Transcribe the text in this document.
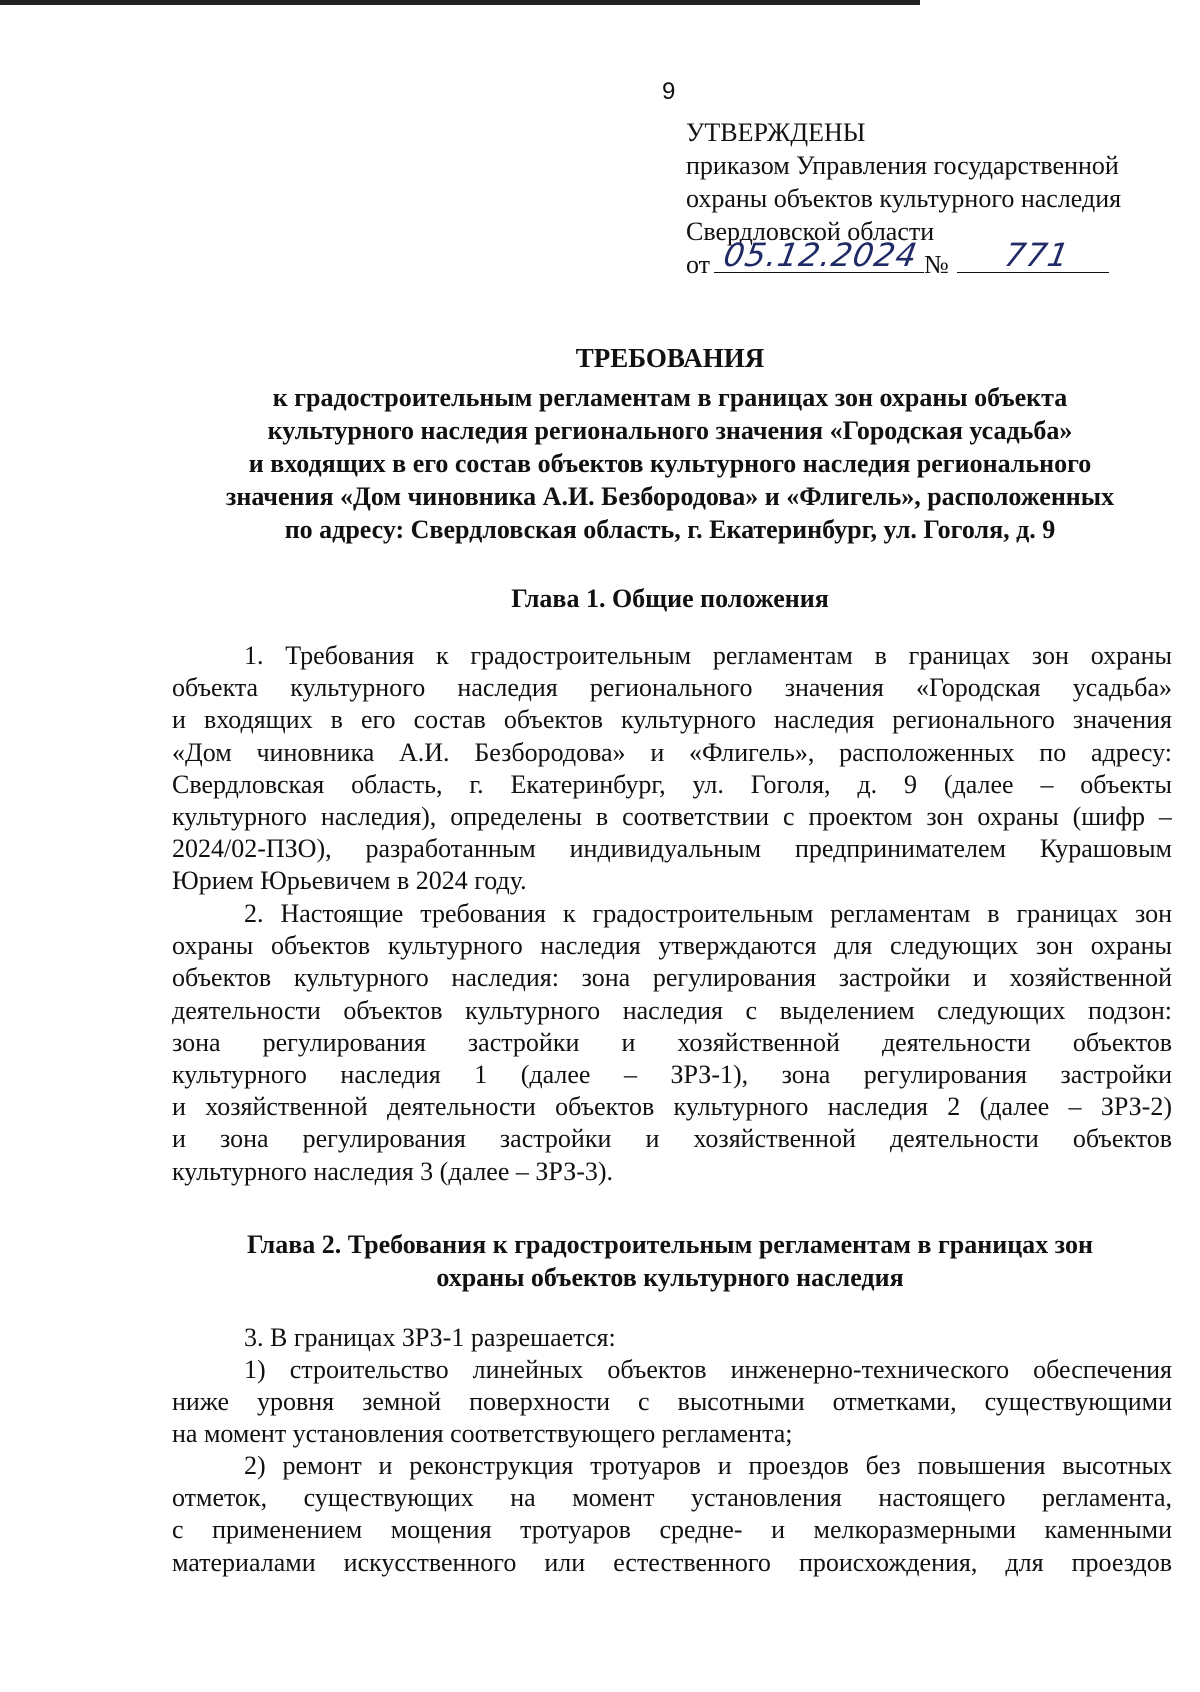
9
УТВЕРЖДЕНЫ
приказом Управления государственной
охраны объектов культурного наследия
Свердловской области
от 05.12.2024 № 771
ТРЕБОВАНИЯ
к градостроительным регламентам в границах зон охраны объекта
культурного наследия регионального значения «Городская усадьба»
и входящих в его состав объектов культурного наследия регионального
значения «Дом чиновника А.И. Безбородова» и «Флигель», расположенных
по адресу: Свердловская область, г. Екатеринбург, ул. Гоголя, д. 9
Глава 1. Общие положения
1. Требования к градостроительным регламентам в границах зон охраны
объекта культурного наследия регионального значения «Городская усадьба»
и входящих в его состав объектов культурного наследия регионального значения
«Дом чиновника А.И. Безбородова» и «Флигель», расположенных по адресу:
Свердловская область, г. Екатеринбург, ул. Гоголя, д. 9 (далее – объекты
культурного наследия), определены в соответствии с проектом зон охраны (шифр –
2024/02-ПЗО), разработанным индивидуальным предпринимателем Курашовым
Юрием Юрьевичем в 2024 году.
2. Настоящие требования к градостроительным регламентам в границах зон
охраны объектов культурного наследия утверждаются для следующих зон охраны
объектов культурного наследия: зона регулирования застройки и хозяйственной
деятельности объектов культурного наследия с выделением следующих подзон:
зона регулирования застройки и хозяйственной деятельности объектов
культурного наследия 1 (далее – ЗРЗ-1), зона регулирования застройки
и хозяйственной деятельности объектов культурного наследия 2 (далее – ЗРЗ-2)
и зона регулирования застройки и хозяйственной деятельности объектов
культурного наследия 3 (далее – ЗРЗ-3).
Глава 2. Требования к градостроительным регламентам в границах зон
охраны объектов культурного наследия
3. В границах ЗРЗ-1 разрешается:
1) строительство линейных объектов инженерно-технического обеспечения
ниже уровня земной поверхности с высотными отметками, существующими
на момент установления соответствующего регламента;
2) ремонт и реконструкция тротуаров и проездов без повышения высотных
отметок, существующих на момент установления настоящего регламента,
с применением мощения тротуаров средне- и мелкоразмерными каменными
материалами искусственного или естественного происхождения, для проездов
